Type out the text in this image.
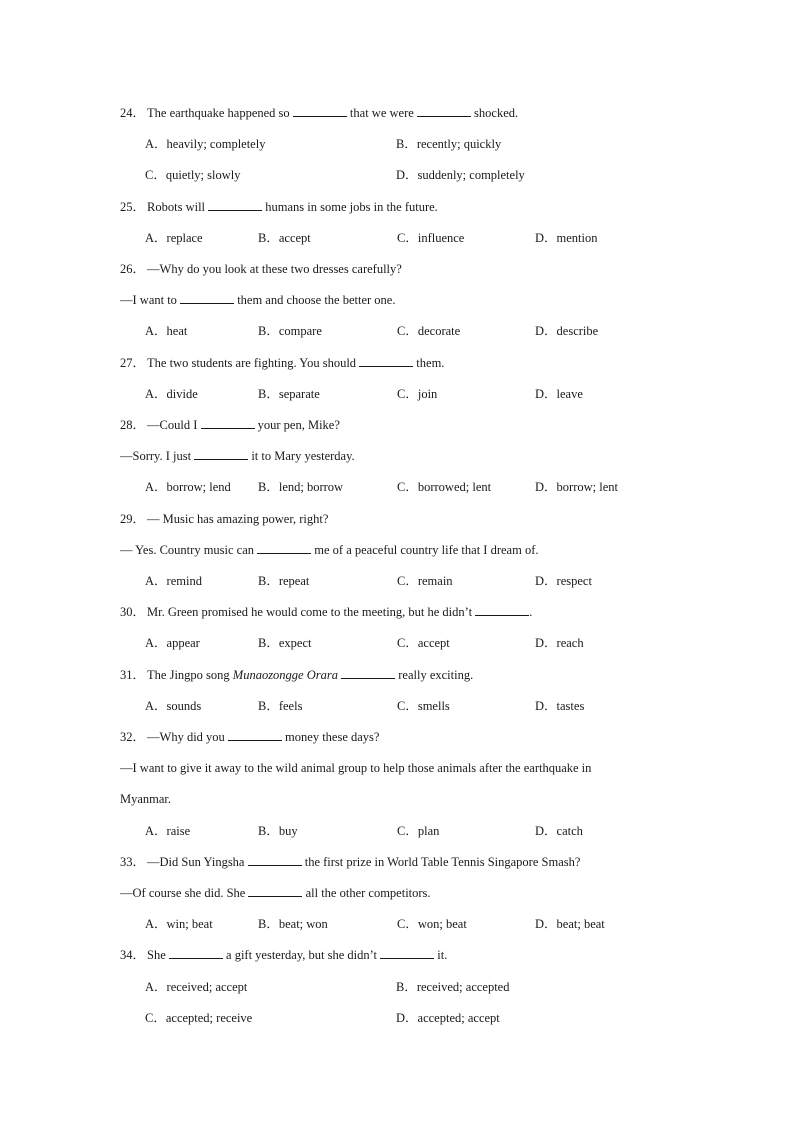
24． The earthquake happened so	that we were	shocked.
A．heavily; completely	B．recently; quickly
C．quietly; slowly	D．suddenly; completely
25． Robots will	humans in some jobs in the future.
A．replace	B．accept	C．influence	D．mention
26． —Why do you look at these two dresses carefully?
—I want to	them and choose the better one.
A．heat	B．compare	C．decorate	D．describe
27． The two students are fighting. You should	them.
A．divide	B．separate	C．join	D．leave
28． —Could I	your pen, Mike?
—Sorry. I just	it to Mary yesterday.
A．borrow; lend B．lend; borrow	C．borrowed; lent	D．borrow; lent
29． — Music has amazing power, right?
— Yes. Country music can	me of a peaceful country life that I dream of.
A．remind	B．repeat	C．remain	D．respect
30． Mr. Green promised he would come to the meeting, but he didn’t	.
A．appear	B．expect	C．accept	D．reach
31． The Jingpo song Munaozongge Orara	really exciting.
A．sounds	B．feels	C．smells	D．tastes
32． —Why did you	money these days?
—I want to give it away to the wild animal group to help those animals after the earthquake in
Myanmar.
A．raise	B．buy	C．plan	D．catch
33． —Did Sun Yingsha	the first prize in World Table Tennis Singapore Smash?
—Of course she did. She	all the other competitors.
A．win; beat	B．beat; won	C．won; beat	D．beat; beat
34． She	a gift yesterday, but she didn’t	it.
A．received; accept	B．received; accepted
C．accepted; receive	D．accepted; accept
